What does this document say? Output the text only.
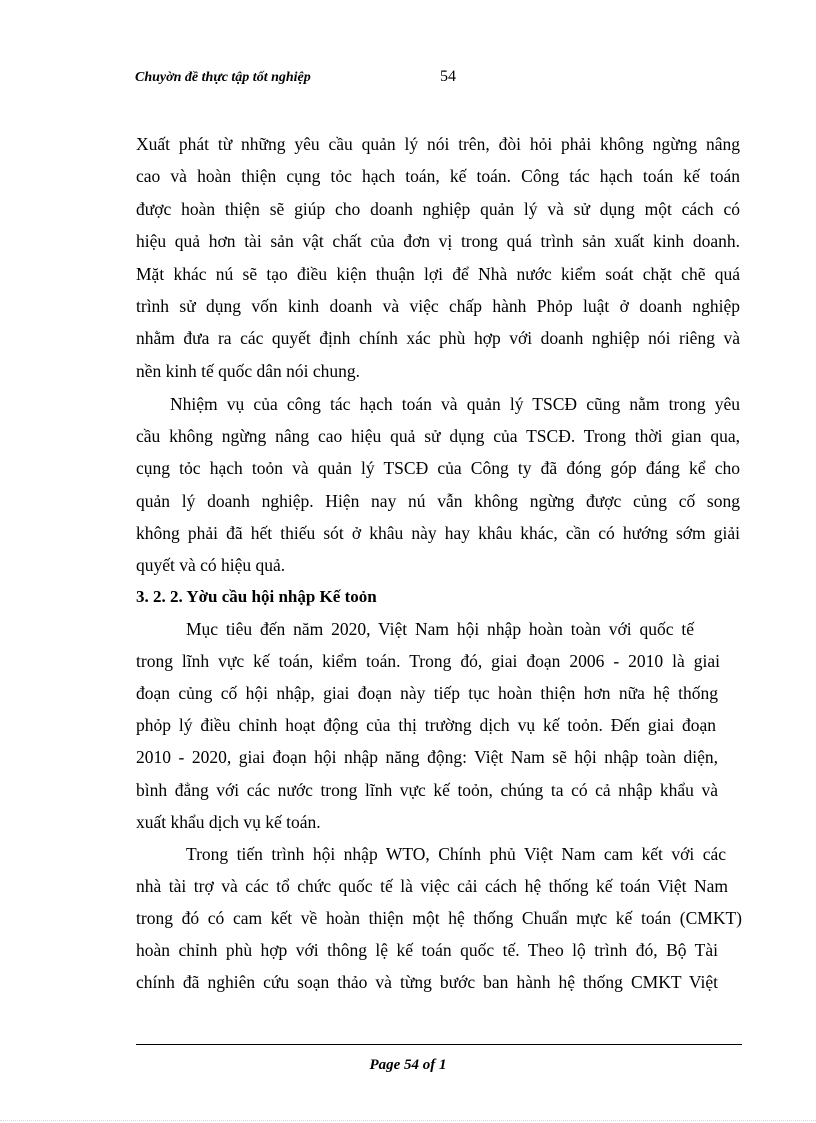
Chuyờn đề thực tập tốt nghiệp	54
Xuất phát từ những yêu cầu quản lý nói trên, đòi hỏi phải không ngừng nâng
cao và hoàn thiện cụng tỏc hạch toán, kế toán. Công tác hạch toán kế toán
được hoàn thiện sẽ giúp cho doanh nghiệp quản lý và sử dụng một cách có
hiệu quả hơn tài sản vật chất của đơn vị trong quá trình sản xuất kinh doanh.
Mặt khác nú sẽ tạo điều kiện thuận lợi để Nhà nước kiểm soát chặt chẽ quá
trình sử dụng vốn kinh doanh và việc chấp hành Phỏp luật ở doanh nghiệp
nhằm đưa ra các quyết định chính xác phù hợp với doanh nghiệp nói riêng và
nền kinh tế quốc dân nói chung.
Nhiệm vụ của công tác hạch toán và quản lý TSCĐ cũng nằm trong yêu
cầu không ngừng nâng cao hiệu quả sử dụng của TSCĐ. Trong thời gian qua,
cụng tỏc hạch toỏn và quản lý TSCĐ của Công ty đã đóng góp đáng kể cho
quản lý doanh nghiệp. Hiện nay nú vẫn không ngừng được củng cố song
không phải đã hết thiếu sót ở khâu này hay khâu khác, cần có hướng sớm giải
quyết và có hiệu quả.
3. 2. 2. Yờu cầu hội nhập Kế toỏn
Mục tiêu đến năm 2020, Việt Nam hội nhập hoàn toàn với quốc tế
trong lĩnh vực kế toán, kiểm toán. Trong đó, giai đoạn 2006 - 2010 là giai
đoạn củng cố hội nhập, giai đoạn này tiếp tục hoàn thiện hơn nữa hệ thống
phỏp lý điều chỉnh hoạt động của thị trường dịch vụ kế toỏn. Đến giai đoạn
2010 - 2020, giai đoạn hội nhập năng động: Việt Nam sẽ hội nhập toàn diện,
bình đẳng với các nước trong lĩnh vực kế toỏn, chúng ta có cả nhập khẩu và
xuất khẩu dịch vụ kế toán.
Trong tiến trình hội nhập WTO, Chính phủ Việt Nam cam kết với các
nhà tài trợ và các tổ chức quốc tế là việc cải cách hệ thống kế toán Việt Nam
trong đó có cam kết về hoàn thiện một hệ thống Chuẩn mực kế toán (CMKT)
hoàn chỉnh phù hợp với thông lệ kế toán quốc tế. Theo lộ trình đó, Bộ Tài
chính đã nghiên cứu soạn thảo và từng bước ban hành hệ thống CMKT Việt
Page 54 of 1
